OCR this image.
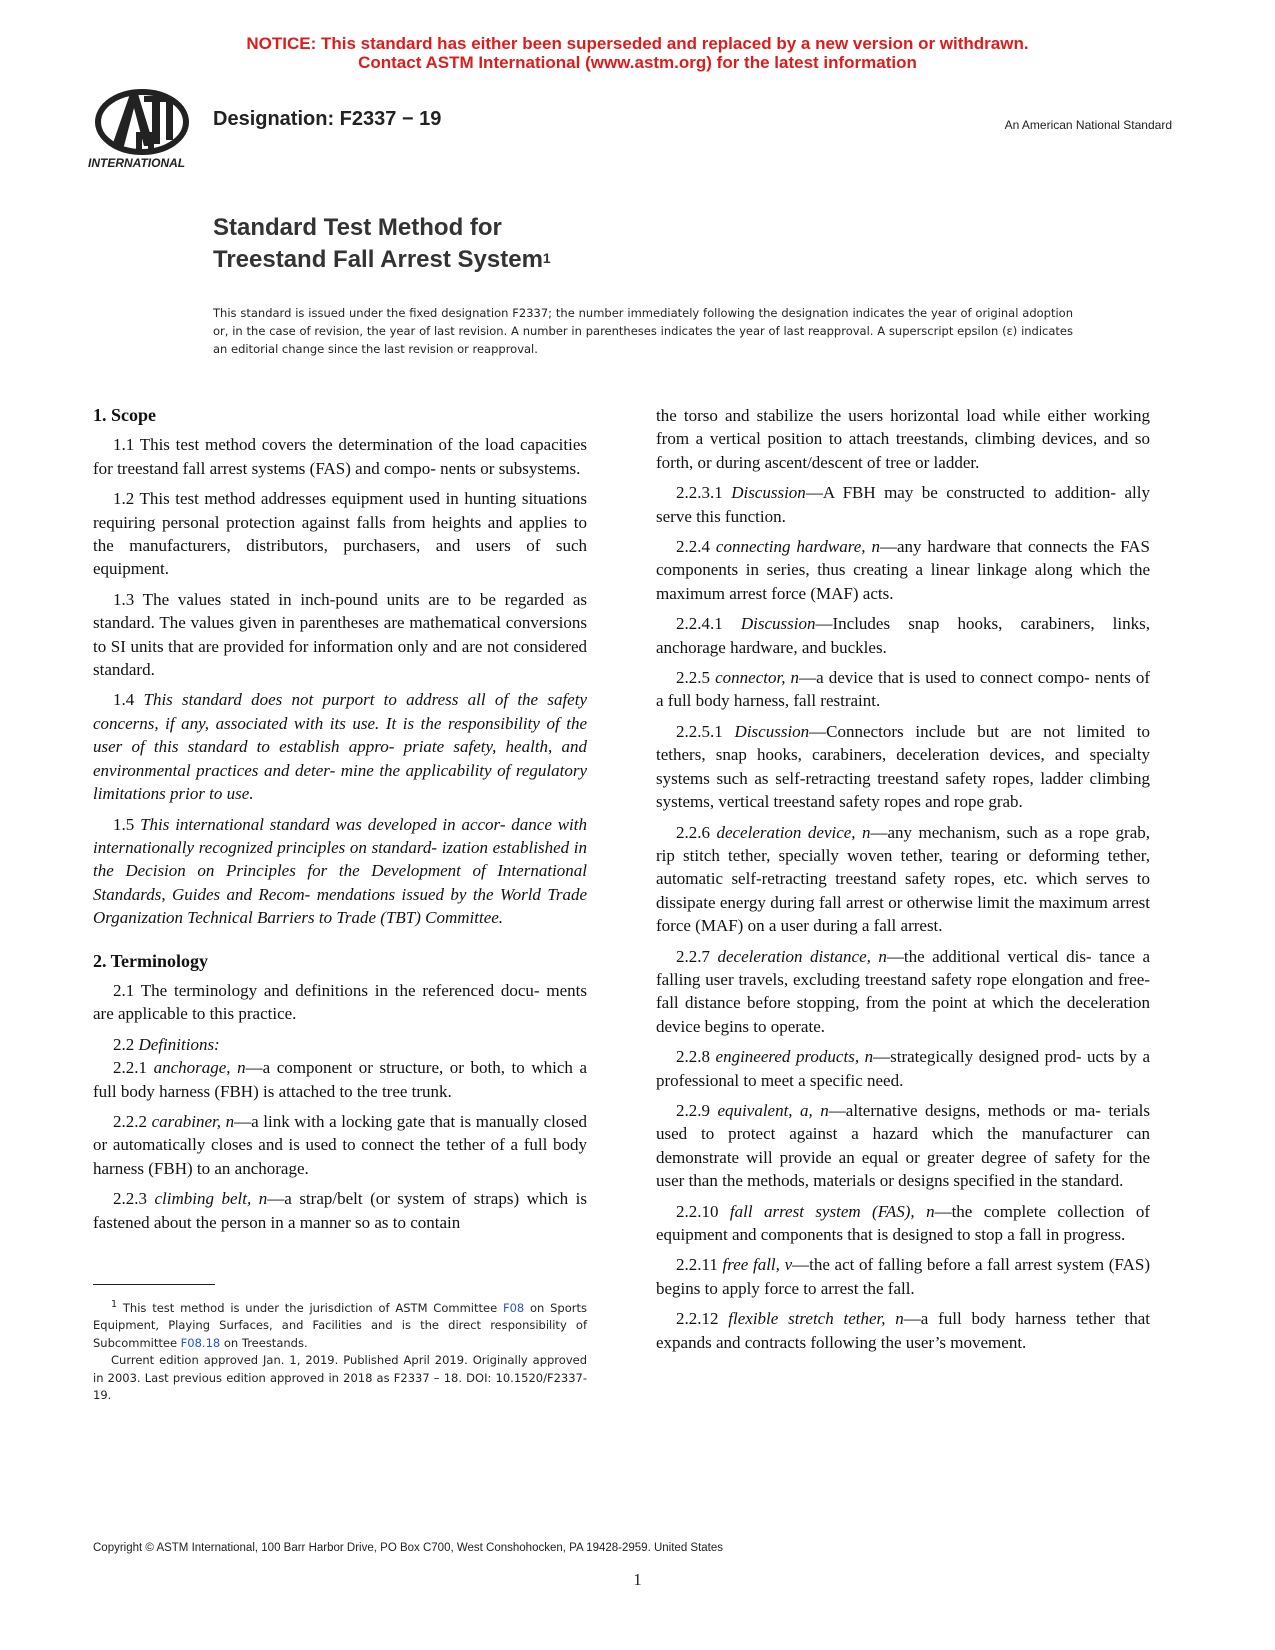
NOTICE: This standard has either been superseded and replaced by a new version or withdrawn.
Contact ASTM International (www.astm.org) for the latest information
INTERNATIONAL
Designation: F2337 − 19	An American National Standard
Standard Test Method for
Treestand Fall Arrest System$^1$
This standard is issued under the fixed designation F2337; the number immediately following the designation indicates the year of original adoption or, in the case of revision, the year of last revision. A number in parentheses indicates the year of last reapproval. A superscript epsilon (ε) indicates an editorial change since the last revision or reapproval.
1. Scope

1.1 This test method covers the determination of the load capacities for treestand fall arrest systems (FAS) and compo- nents or subsystems.

1.2 This test method addresses equipment used in hunting situations requiring personal protection against falls from heights and applies to the manufacturers, distributors, purchasers, and users of such equipment.

1.3 The values stated in inch-pound units are to be regarded as standard. The values given in parentheses are mathematical conversions to SI units that are provided for information only and are not considered standard.

1.4 This standard does not purport to address all of the safety concerns, if any, associated with its use. It is the responsibility of the user of this standard to establish appro- priate safety, health, and environmental practices and deter- mine the applicability of regulatory limitations prior to use.

1.5 This international standard was developed in accor- dance with internationally recognized principles on standard- ization established in the Decision on Principles for the Development of International Standards, Guides and Recom- mendations issued by the World Trade Organization Technical Barriers to Trade (TBT) Committee.

2. Terminology

2.1 The terminology and definitions in the referenced docu- ments are applicable to this practice.

2.2 Definitions:

2.2.1 anchorage, n—a component or structure, or both, to which a full body harness (FBH) is attached to the tree trunk.

2.2.2 carabiner, n—a link with a locking gate that is manually closed or automatically closes and is used to connect the tether of a full body harness (FBH) to an anchorage.

2.2.3 climbing belt, n—a strap/belt (or system of straps) which is fastened about the person in a manner so as to contain

the torso and stabilize the users horizontal load while either working from a vertical position to attach treestands, climbing devices, and so forth, or during ascent/descent of tree or ladder.

2.2.3.1 Discussion—A FBH may be constructed to addition- ally serve this function.

2.2.4 connecting hardware, n—any hardware that connects the FAS components in series, thus creating a linear linkage along which the maximum arrest force (MAF) acts.

2.2.4.1 Discussion—Includes snap hooks, carabiners, links, anchorage hardware, and buckles.

2.2.5 connector, n—a device that is used to connect compo- nents of a full body harness, fall restraint.

2.2.5.1 Discussion—Connectors include but are not limited to tethers, snap hooks, carabiners, deceleration devices, and specialty systems such as self-retracting treestand safety ropes, ladder climbing systems, vertical treestand safety ropes and rope grab.

2.2.6 deceleration device, n—any mechanism, such as a rope grab, rip stitch tether, specially woven tether, tearing or deforming tether, automatic self-retracting treestand safety ropes, etc. which serves to dissipate energy during fall arrest or otherwise limit the maximum arrest force (MAF) on a user during a fall arrest.

2.2.7 deceleration distance, n—the additional vertical dis- tance a falling user travels, excluding treestand safety rope elongation and free-fall distance before stopping, from the point at which the deceleration device begins to operate.

2.2.8 engineered products, n—strategically designed prod- ucts by a professional to meet a specific need.

2.2.9 equivalent, a, n—alternative designs, methods or ma- terials used to protect against a hazard which the manufacturer can demonstrate will provide an equal or greater degree of safety for the user than the methods, materials or designs specified in the standard.

2.2.10 fall arrest system (FAS), n—the complete collection of equipment and components that is designed to stop a fall in progress.

2.2.11 free fall, v—the act of falling before a fall arrest system (FAS) begins to apply force to arrest the fall.

2.2.12 flexible stretch tether, n—a full body harness tether that expands and contracts following the user’s movement.

$^1$ This test method is under the jurisdiction of ASTM Committee F08 on Sports Equipment, Playing Surfaces, and Facilities and is the direct responsibility of Subcommittee F08.18 on Treestands.

Current edition approved Jan. 1, 2019. Published April 2019. Originally approved in 2003. Last previous edition approved in 2018 as F2337 – 18. DOI: 10.1520/F2337-19.

Copyright © ASTM International, 100 Barr Harbor Drive, PO Box C700, West Conshohocken, PA 19428-2959. United States
1
